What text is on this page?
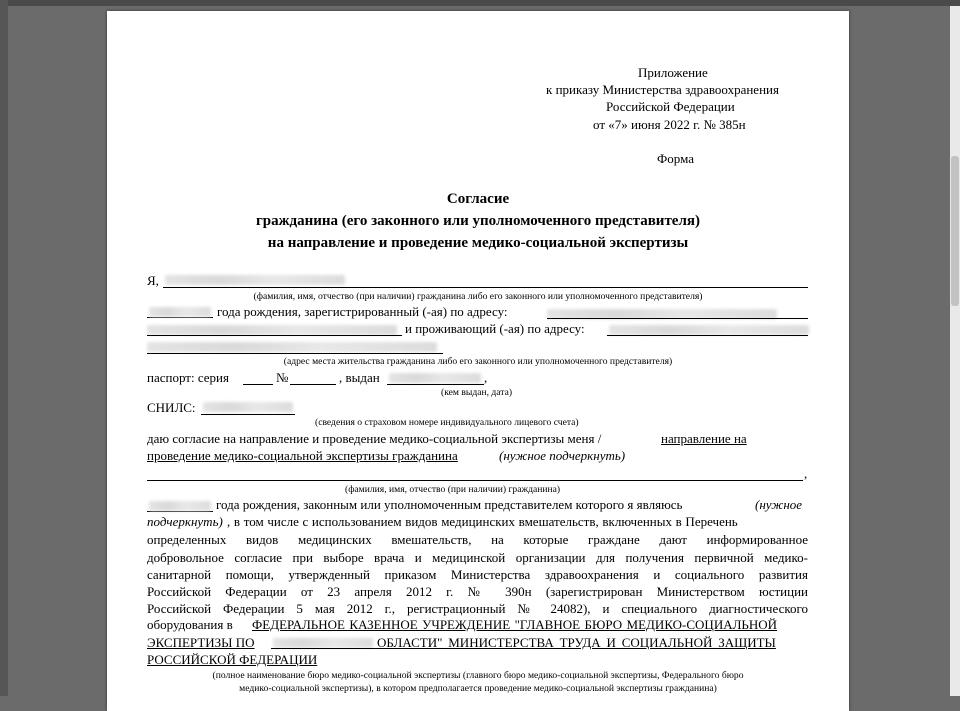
Приложение
к приказу Министерства здравоохранения
Российской Федерации
от «7» июня 2022 г. № 385н
Форма
Согласие
гражданина (его законного или уполномоченного представителя)
на направление и проведение медико-социальной экспертизы
Я,
(фамилия, имя, отчество (при наличии) гражданина либо его законного или уполномоченного представителя)
года рождения, зарегистрированный (-ая) по адресу:
и проживающий (-ая) по адресу:
(адрес места жительства гражданина либо его законного или уполномоченного представителя)
паспорт: серия	№	, выдан	,
(кем выдан, дата)
СНИЛС:
(сведения о страховом номере индивидуального лицевого счета)
даю согласие на направление и проведение медико-социальной экспертизы меня /	направление на
проведение медико-социальной экспертизы гражданина	(нужное подчеркнуть)
,
(фамилия, имя, отчество (при наличии) гражданина)
года рождения, законным или уполномоченным представителем которого я являюсь	(нужное
подчеркнуть) , в том числе с использованием видов медицинских вмешательств, включенных в Перечень
определенных видов медицинских вмешательств, на которые граждане дают информированное
добровольное согласие при выборе врача и медицинской организации для получения первичной медико-
санитарной помощи, утвержденный приказом Министерства здравоохранения и социального развития
Российской Федерации от 23 апреля 2012 г. № 390н (зарегистрирован Министерством юстиции
Российской Федерации 5 мая 2012 г., регистрационный № 24082), и специального диагностического
оборудования в ФЕДЕРАЛЬНОЕ КАЗЕННОЕ УЧРЕЖДЕНИЕ "ГЛАВНОЕ БЮРО МЕДИКО-СОЦИАЛЬНОЙ
ЭКСПЕРТИЗЫ ПО	ОБЛАСТИ" МИНИСТЕРСТВА ТРУДА И СОЦИАЛЬНОЙ ЗАЩИТЫ
РОССИЙСКОЙ ФЕДЕРАЦИИ
(полное наименование бюро медико-социальной экспертизы (главного бюро медико-социальной экспертизы, Федерального бюро
медико-социальной экспертизы), в котором предполагается проведение медико-социальной экспертизы гражданина)
